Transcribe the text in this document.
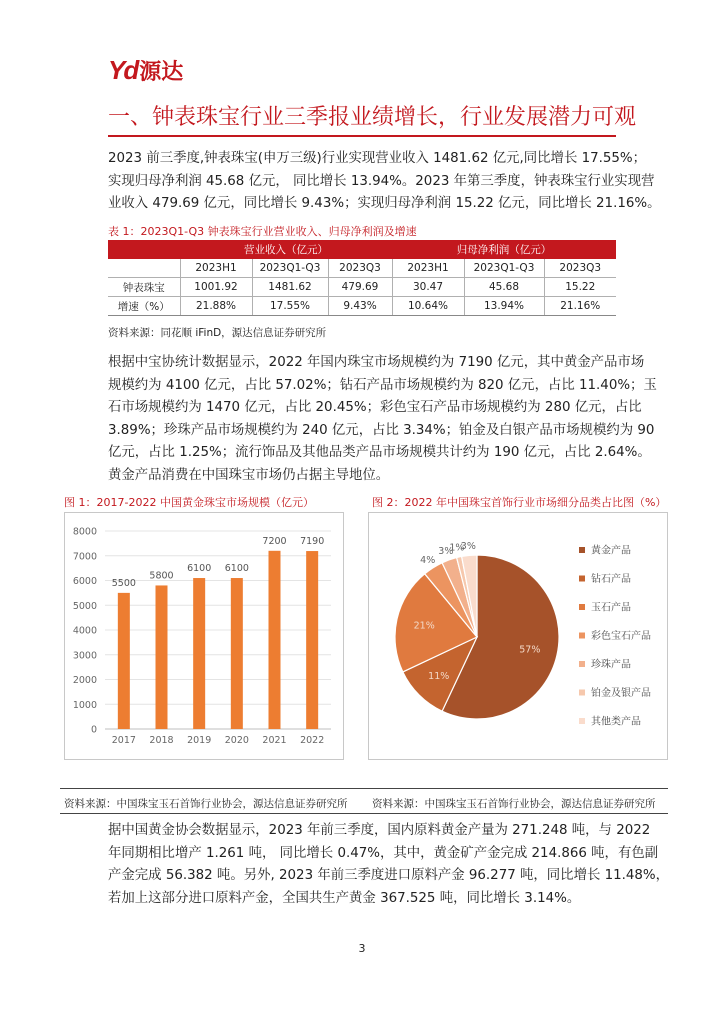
Yd 源达
一、钟表珠宝行业三季报业绩增长，行业发展潜力可观

2023 前三季度,钟表珠宝(申万三级)行业实现营业收入 1481.62 亿元,同比增长 17.55%；
实现归母净利润 45.68 亿元， 同比增长 13.94%。2023 年第三季度，钟表珠宝行业实现营
业收入 479.69 亿元，同比增长 9.43%；实现归母净利润 15.22 亿元，同比增长 21.16%。

表 1：2023Q1-Q3 钟表珠宝行业营业收入、归母净利润及增速
	营业收入（亿元）			归母净利润（亿元）		
	2023H1	2023Q1-Q3	2023Q3	2023H1	2023Q1-Q3	2023Q3
钟表珠宝	1001.92	1481.62	479.69	30.47	45.68	15.22
增速（%）	21.88%	17.55%	9.43%	10.64%	13.94%	21.16%
资料来源：同花顺 iFinD，源达信息证券研究所

根据中宝协统计数据显示，2022 年国内珠宝市场规模约为 7190 亿元，其中黄金产品市场
规模约为 4100 亿元，占比 57.02%；钻石产品市场规模约为 820 亿元，占比 11.40%；玉
石市场规模约为 1470 亿元，占比 20.45%；彩色宝石产品市场规模约为 280 亿元，占比
3.89%；珍珠产品市场规模约为 240 亿元，占比 3.34%；铂金及白银产品市场规模约为 90
亿元，占比 1.25%；流行饰品及其他品类产品市场规模共计约为 190 亿元，占比 2.64%。
黄金产品消费在中国珠宝市场仍占据主导地位。

图 1：2017-2022 中国黄金珠宝市场规模（亿元）	图 2：2022 年中国珠宝首饰行业市场细分品类占比图（%）
0
1000
2000
3000
4000
5000
6000
7000
8000
5500
2017
5800
2018
6100
2019
6100
2020
7200
2021
7190
2022
57%
11%
21%
4%
3%
1%
3%	黄金产品
钻石产品
玉石产品
彩色宝石产品
珍珠产品
铂金及银产品
其他类产品
资料来源：中国珠宝玉石首饰行业协会，源达信息证券研究所 资料来源：中国珠宝玉石首饰行业协会，源达信息证券研究所

据中国黄金协会数据显示，2023 年前三季度，国内原料黄金产量为 271.248 吨，与 2022
年同期相比增产 1.261 吨， 同比增长 0.47%，其中，黄金矿产金完成 214.866 吨，有色副
产金完成 56.382 吨。另外, 2023 年前三季度进口原料产金 96.277 吨，同比增长 11.48%，
若加上这部分进口原料产金，全国共生产黄金 367.525 吨，同比增长 3.14%。

3
